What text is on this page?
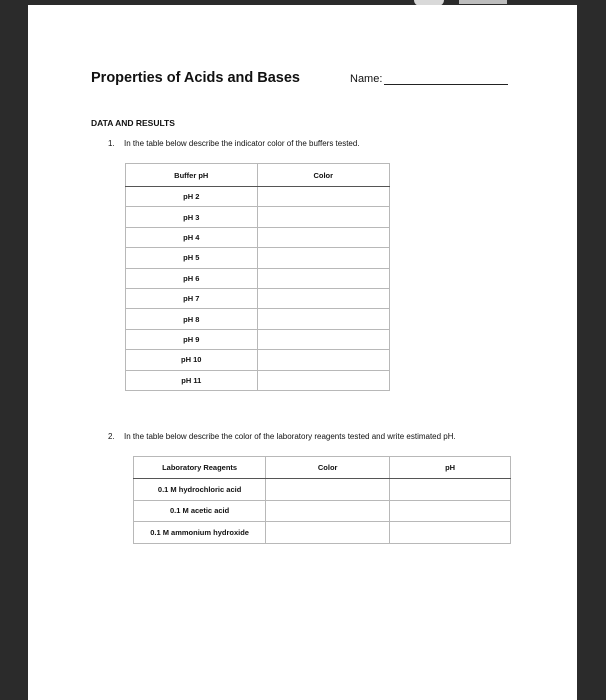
Properties of Acids and Bases	Name:
DATA AND RESULTS
1. In the table below describe the indicator color of the buffers tested.
Buffer pH	Color
pH 2	
pH 3	
pH 4	
pH 5	
pH 6	
pH 7	
pH 8	
pH 9	
pH 10	
pH 11	
2. In the table below describe the color of the laboratory reagents tested and write estimated pH.
Laboratory Reagents	Color	pH
0.1 M hydrochloric acid		
0.1 M acetic acid		
0.1 M ammonium hydroxide		
